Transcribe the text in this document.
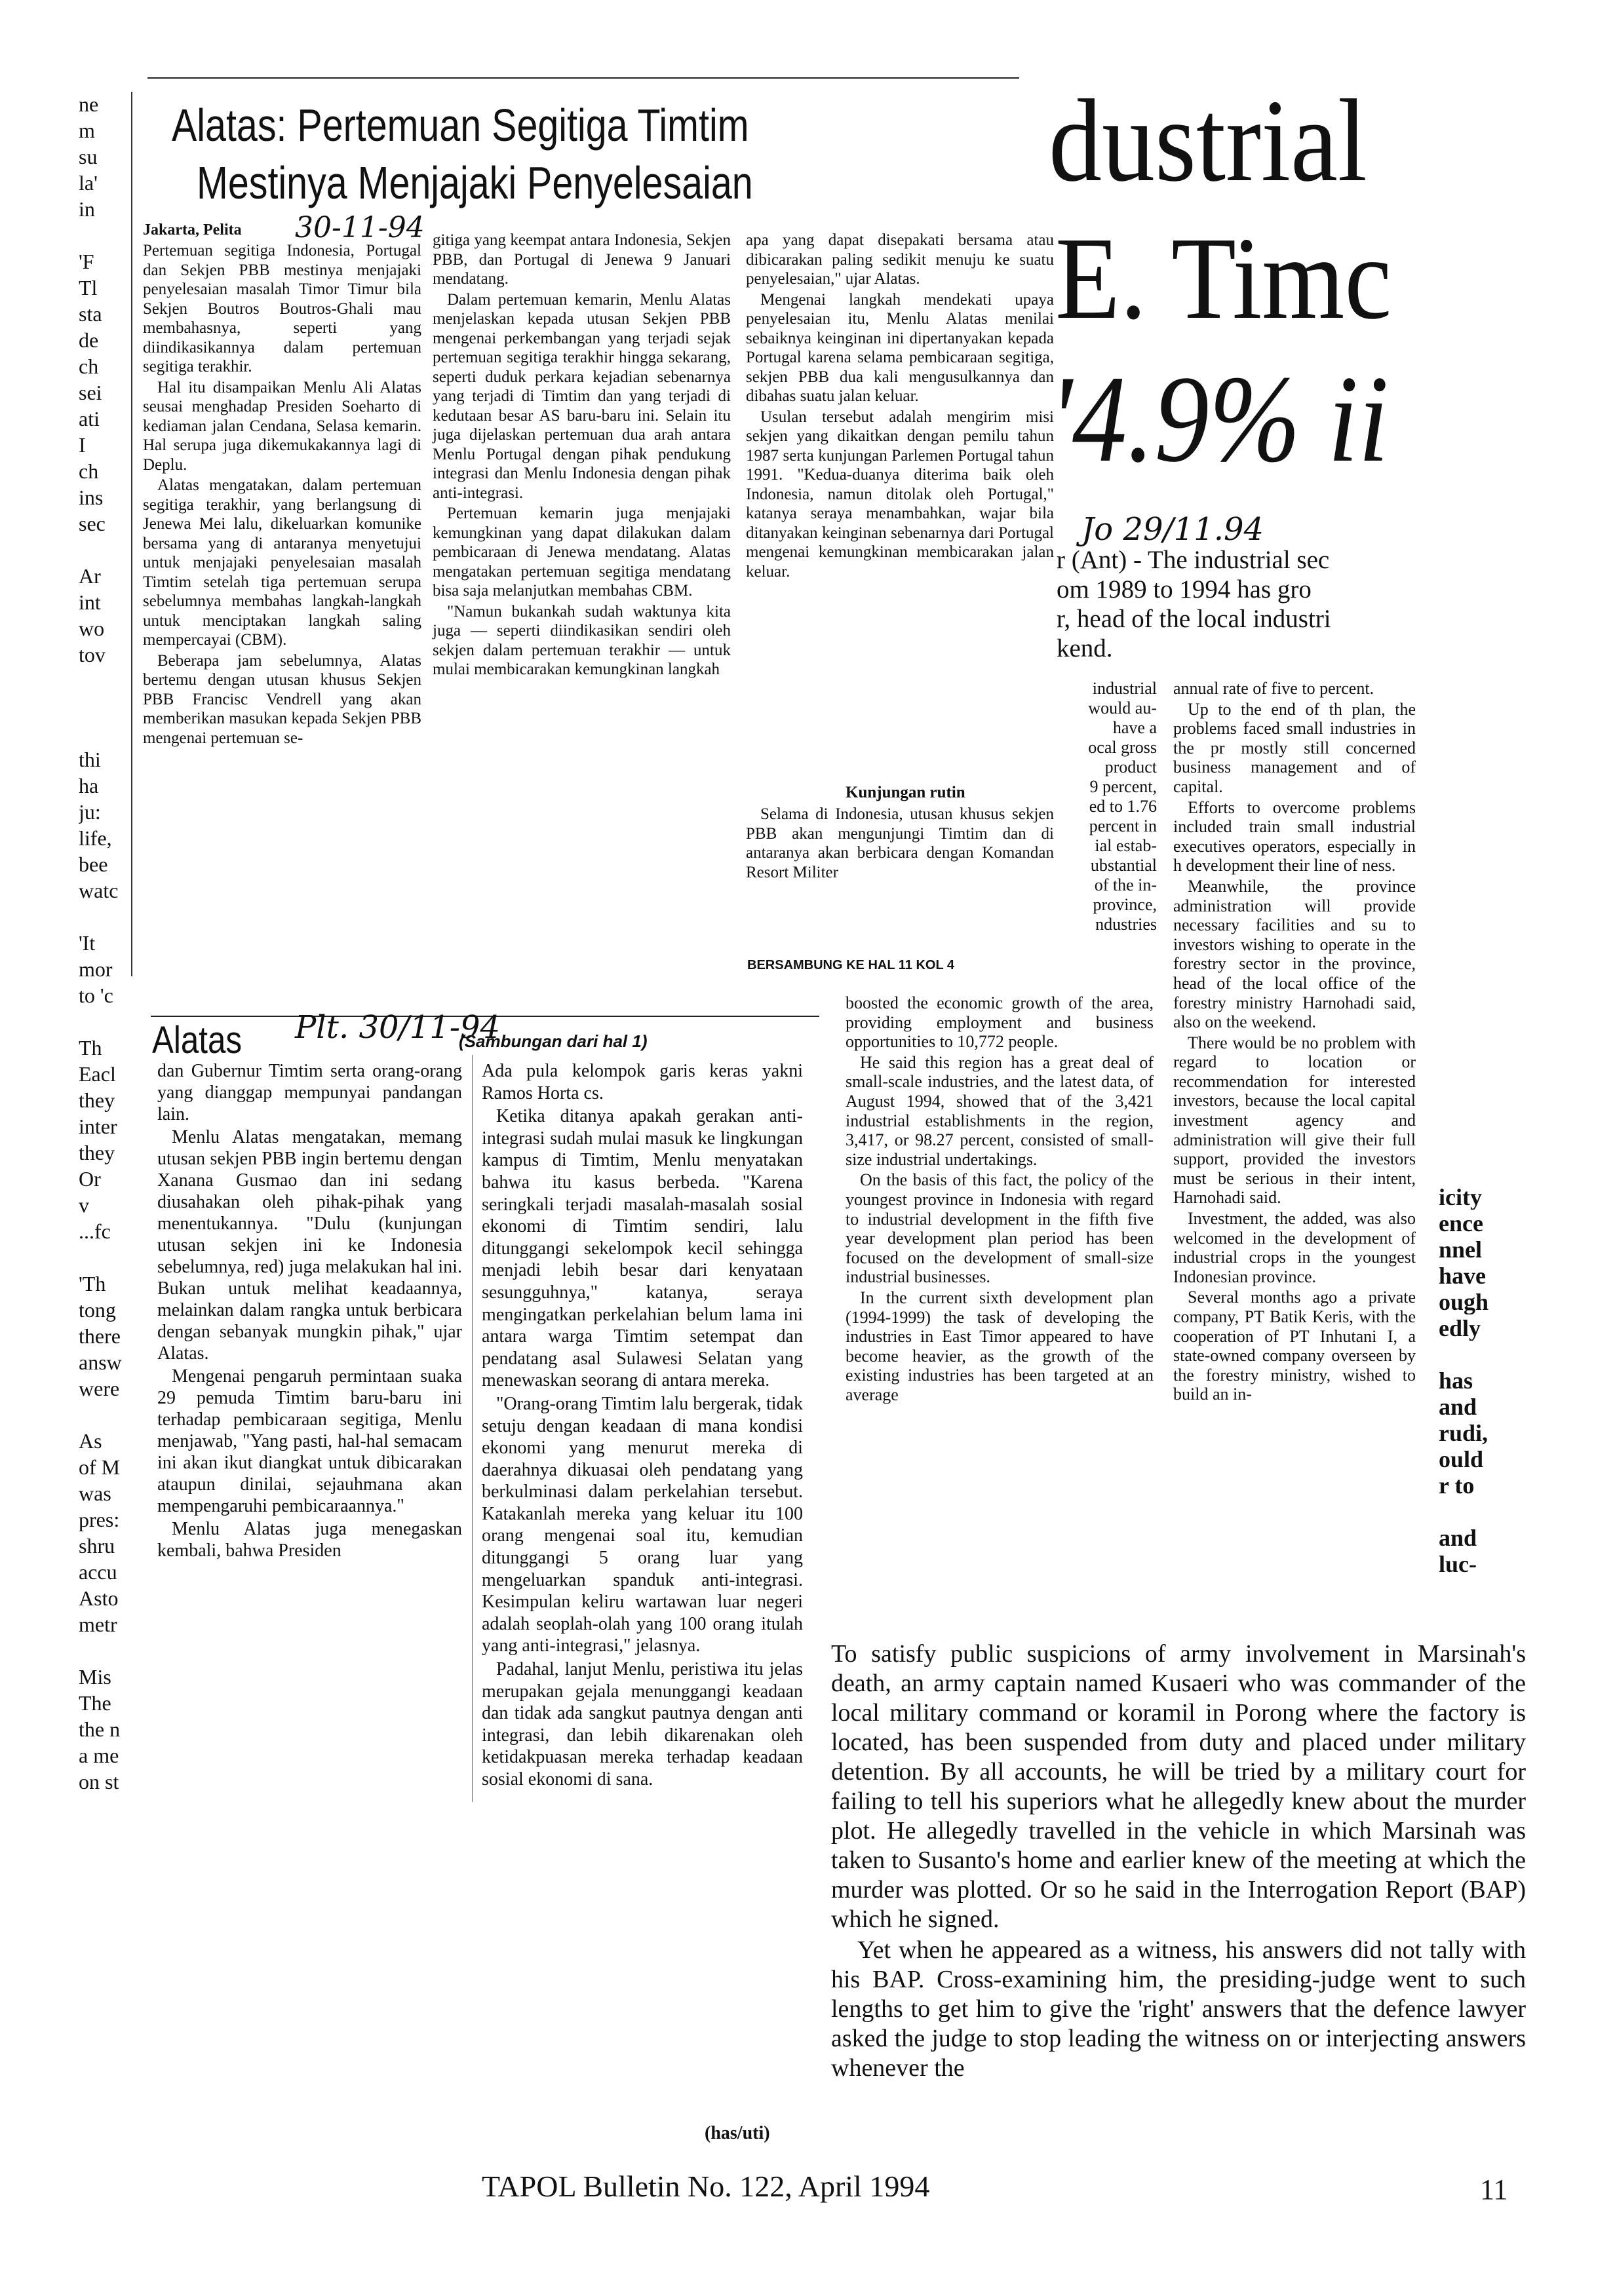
ne
m
su
la'
in
'F
Tl
sta
de
ch
sei
ati
I
ch
ins
sec
Ar
int
wo
tov
thi
ha
ju:
life,
bee
watc
'It
mor
to 'c
Th
Eacl
they
inter
they
Or
v
...fc
'Th
tong
there
answ
were
As
of M
was
pres:
shru
accu
Asto
metr
Mis
The
the n
a me
on st
Alatas: Pertemuan Segitiga Timtim
Mestinya Menjajaki Penyelesaian
Jakarta, Pelita 30-11-94

Pertemuan segitiga Indonesia, Portugal dan Sekjen PBB mestinya menjajaki penyelesaian masalah Timor Timur bila Sekjen Boutros Boutros-Ghali mau membahasnya, seperti yang diindikasikannya dalam pertemuan segitiga terakhir.

Hal itu disampaikan Menlu Ali Alatas seusai menghadap Presiden Soeharto di kediaman jalan Cendana, Selasa kemarin. Hal serupa juga dikemukakannya lagi di Deplu.

Alatas mengatakan, dalam pertemuan segitiga terakhir, yang berlangsung di Jenewa Mei lalu, dikeluarkan komunike bersama yang di antaranya menyetujui untuk menjajaki penyelesaian masalah Timtim setelah tiga pertemuan serupa sebelumnya membahas langkah-langkah untuk menciptakan langkah saling mempercayai (CBM).

Beberapa jam sebelumnya, Alatas bertemu dengan utusan khusus Sekjen PBB Francisc Vendrell yang akan memberikan masukan kepada Sekjen PBB mengenai pertemuan se-

gitiga yang keempat antara Indonesia, Sekjen PBB, dan Portugal di Jenewa 9 Januari mendatang.

Dalam pertemuan kemarin, Menlu Alatas menjelaskan kepada utusan Sekjen PBB mengenai perkembangan yang terjadi sejak pertemuan segitiga terakhir hingga sekarang, seperti duduk perkara kejadian sebenarnya yang terjadi di Timtim dan yang terjadi di kedutaan besar AS baru-baru ini. Selain itu juga dijelaskan pertemuan dua arah antara Menlu Portugal dengan pihak pendukung integrasi dan Menlu Indonesia dengan pihak anti-integrasi.

Pertemuan kemarin juga menjajaki kemungkinan yang dapat dilakukan dalam pembicaraan di Jenewa mendatang. Alatas mengatakan pertemuan segitiga mendatang bisa saja melanjutkan membahas CBM.

"Namun bukankah sudah waktunya kita juga — seperti diindikasikan sendiri oleh sekjen dalam pertemuan terakhir — untuk mulai membicarakan kemungkinan langkah

apa yang dapat disepakati bersama atau dibicarakan paling sedikit menuju ke suatu penyelesaian," ujar Alatas.

Mengenai langkah mendekati upaya penyelesaian itu, Menlu Alatas menilai sebaiknya keinginan ini dipertanyakan kepada Portugal karena selama pembicaraan segitiga, sekjen PBB dua kali mengusulkannya dan dibahas suatu jalan keluar.

Usulan tersebut adalah mengirim misi sekjen yang dikaitkan dengan pemilu tahun 1987 serta kunjungan Parlemen Portugal tahun 1991. "Kedua-duanya diterima baik oleh Indonesia, namun ditolak oleh Portugal," katanya seraya menambahkan, wajar bila ditanyakan keinginan sebenarnya dari Portugal mengenai kemungkinan membicarakan jalan keluar.

Kunjungan rutin

Selama di Indonesia, utusan khusus sekjen PBB akan mengunjungi Timtim dan di antaranya akan berbicara dengan Komandan Resort Militer

BERSAMBUNG KE HAL 11 KOL 4
dustrial
E. Timc
'4.9% ii
Jo 29/11.94
r (Ant) - The industrial sec
om 1989 to 1994 has gro
r, head of the local industri
kend.
industrial
would au-
have a
ocal gross
product
9 percent,
ed to 1.76
percent in
ial estab-
ubstantial
of the in-
province,
ndustries

boosted the economic growth of the area, providing employment and business opportunities to 10,772 people.

He said this region has a great deal of small-scale industries, and the latest data, of August 1994, showed that of the 3,421 industrial establishments in the region, 3,417, or 98.27 percent, consisted of small-size industrial undertakings.

On the basis of this fact, the policy of the youngest province in Indonesia with regard to industrial development in the fifth five year development plan period has been focused on the development of small-size industrial businesses.

In the current sixth development plan (1994-1999) the task of developing the industries in East Timor appeared to have become heavier, as the growth of the existing industries has been targeted at an average

annual rate of five to percent.

Up to the end of th plan, the problems faced small industries in the pr mostly still concerned business management and of capital.

Efforts to overcome problems included train small industrial executives operators, especially in h development their line of ness.

Meanwhile, the province administration will provide necessary facilities and su to investors wishing to operate in the forestry sector in the province, head of the local office of the forestry ministry Harnohadi said, also on the weekend.

There would be no problem with regard to location or recommendation for interested investors, because the local capital investment agency and administration will give their full support, provided the investors must be serious in their intent, Harnohadi said.

Investment, the added, was also welcomed in the development of industrial crops in the youngest Indonesian province.

Several months ago a private company, PT Batik Keris, with the cooperation of PT Inhutani I, a state-owned company overseen by the forestry ministry, wished to build an in-

icity
ence
nnel
have
ough
edly
has
and
rudi,
ould
r to
and
luc-
Alatas Plt. 30/11-94
(Sambungan dari hal 1)

dan Gubernur Timtim serta orang-orang yang dianggap mempunyai pandangan lain.

Menlu Alatas mengatakan, memang utusan sekjen PBB ingin bertemu dengan Xanana Gusmao dan ini sedang diusahakan oleh pihak-pihak yang menentukannya. "Dulu (kunjungan utusan sekjen ini ke Indonesia sebelumnya, red) juga melakukan hal ini. Bukan untuk melihat keadaannya, melainkan dalam rangka untuk berbicara dengan sebanyak mungkin pihak," ujar Alatas.

Mengenai pengaruh permintaan suaka 29 pemuda Timtim baru-baru ini terhadap pembicaraan segitiga, Menlu menjawab, "Yang pasti, hal-hal semacam ini akan ikut diangkat untuk dibicarakan ataupun dinilai, sejauhmana akan mempengaruhi pembicaraannya."

Menlu Alatas juga menegaskan kembali, bahwa Presiden

Ada pula kelompok garis keras yakni Ramos Horta cs.

Ketika ditanya apakah gerakan anti-integrasi sudah mulai masuk ke lingkungan kampus di Timtim, Menlu menyatakan bahwa itu kasus berbeda. "Karena seringkali terjadi masalah-masalah sosial ekonomi di Timtim sendiri, lalu ditunggangi sekelompok kecil sehingga menjadi lebih besar dari kenyataan sesungguhnya," katanya, seraya mengingatkan perkelahian belum lama ini antara warga Timtim setempat dan pendatang asal Sulawesi Selatan yang menewaskan seorang di antara mereka.

"Orang-orang Timtim lalu bergerak, tidak setuju dengan keadaan di mana kondisi ekonomi yang menurut mereka di daerahnya dikuasai oleh pendatang yang berkulminasi dalam perkelahian tersebut. Katakanlah mereka yang keluar itu 100 orang mengenai soal itu, kemudian ditunggangi 5 orang luar yang mengeluarkan spanduk anti-integrasi. Kesimpulan keliru wartawan luar negeri adalah seoplah-olah yang 100 orang itulah yang anti-integrasi," jelasnya.

Padahal, lanjut Menlu, peristiwa itu jelas merupakan gejala menunggangi keadaan dan tidak ada sangkut pautnya dengan anti integrasi, dan lebih dikarenakan oleh ketidakpuasan mereka terhadap keadaan sosial ekonomi di sana.

(has/uti)

To satisfy public suspicions of army involvement in Marsinah's death, an army captain named Kusaeri who was commander of the local military command or koramil in Porong where the factory is located, has been suspended from duty and placed under military detention. By all accounts, he will be tried by a military court for failing to tell his superiors what he allegedly knew about the murder plot. He allegedly travelled in the vehicle in which Marsinah was taken to Susanto's home and earlier knew of the meeting at which the murder was plotted. Or so he said in the Interrogation Report (BAP) which he signed.

Yet when he appeared as a witness, his answers did not tally with his BAP. Cross-examining him, the presiding-judge went to such lengths to get him to give the 'right' answers that the defence lawyer asked the judge to stop leading the witness on or interjecting answers whenever the

TAPOL Bulletin No. 122, April 1994	11
